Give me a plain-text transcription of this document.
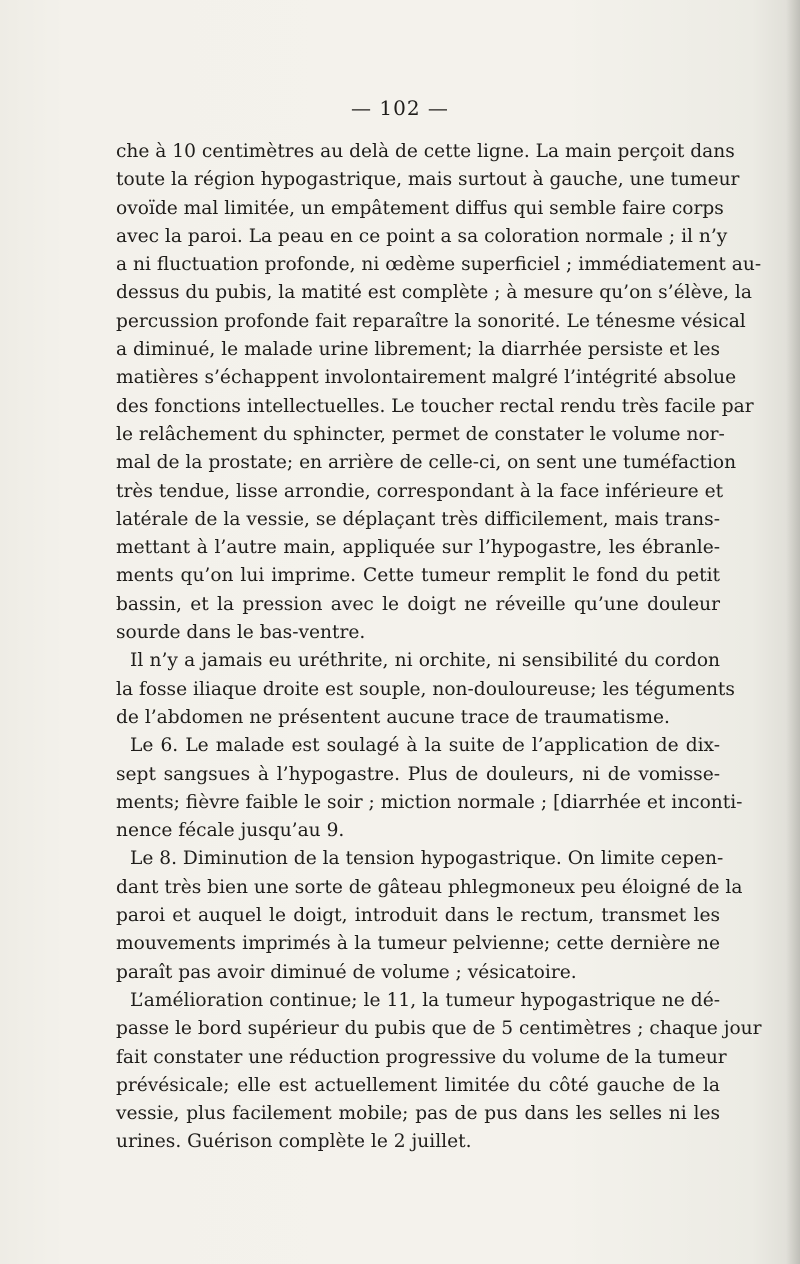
— 102 —
che à 10 centimètres au delà de cette ligne. La main perçoit dans
toute la région hypogastrique, mais surtout à gauche, une tumeur
ovoïde mal limitée, un empâtement diffus qui semble faire corps
avec la paroi. La peau en ce point a sa coloration normale ; il n’y
a ni fluctuation profonde, ni œdème superficiel ; immédiatement au-
dessus du pubis, la matité est complète ; à mesure qu’on s’élève, la
percussion profonde fait reparaître la sonorité. Le ténesme vésical
a diminué, le malade urine librement; la diarrhée persiste et les
matières s’échappent involontairement malgré l’intégrité absolue
des fonctions intellectuelles. Le toucher rectal rendu très facile par
le relâchement du sphincter, permet de constater le volume nor-
mal de la prostate; en arrière de celle-ci, on sent une tuméfaction
très tendue, lisse arrondie, correspondant à la face inférieure et
latérale de la vessie, se déplaçant très difficilement, mais trans-
mettant à l’autre main, appliquée sur l’hypogastre, les ébranle-
ments qu’on lui imprime. Cette tumeur remplit le fond du petit
bassin, et la pression avec le doigt ne réveille qu’une douleur
sourde dans le bas-ventre.
Il n’y a jamais eu uréthrite, ni orchite, ni sensibilité du cordon
la fosse iliaque droite est souple, non-douloureuse; les téguments
de l’abdomen ne présentent aucune trace de traumatisme.
Le 6. Le malade est soulagé à la suite de l’application de dix-
sept sangsues à l’hypogastre. Plus de douleurs, ni de vomisse-
ments; fièvre faible le soir ; miction normale ; [diarrhée et inconti-
nence fécale jusqu’au 9.
Le 8. Diminution de la tension hypogastrique. On limite cepen-
dant très bien une sorte de gâteau phlegmoneux peu éloigné de la
paroi et auquel le doigt, introduit dans le rectum, transmet les
mouvements imprimés à la tumeur pelvienne; cette dernière ne
paraît pas avoir diminué de volume ; vésicatoire.
L’amélioration continue; le 11, la tumeur hypogastrique ne dé-
passe le bord supérieur du pubis que de 5 centimètres ; chaque jour
fait constater une réduction progressive du volume de la tumeur
prévésicale; elle est actuellement limitée du côté gauche de la
vessie, plus facilement mobile; pas de pus dans les selles ni les
urines. Guérison complète le 2 juillet.
